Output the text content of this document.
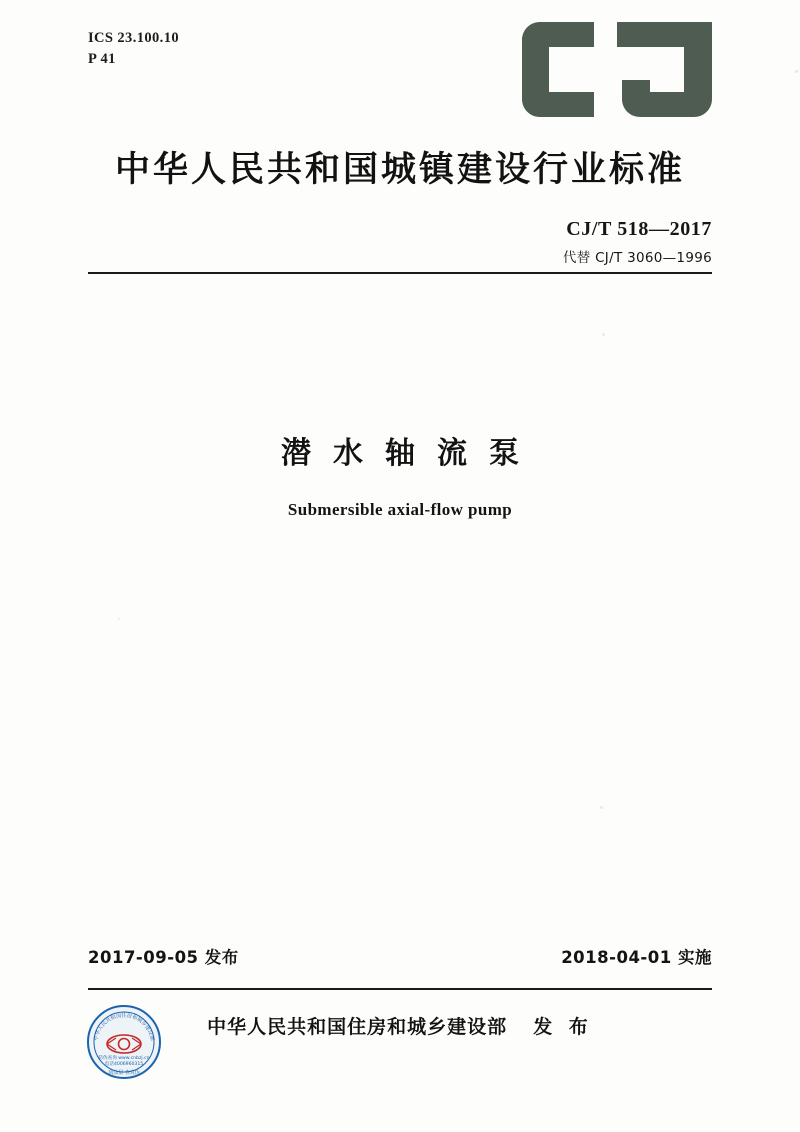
ICS 23.100.10
P 41
中华人民共和国城镇建设行业标准
CJ/T 518—2017
代替 CJ/T 3060—1996
潜水轴流泵
Submersible axial-flow pump
2017-09-05 发布	2018-04-01 实施
中华人民共和国住房和城乡建设部 发 布
中华人民共和国住房和城乡建设部
防伪查询 www.cnbzj.cn
电话4006960315
刮涂层 查真伪
